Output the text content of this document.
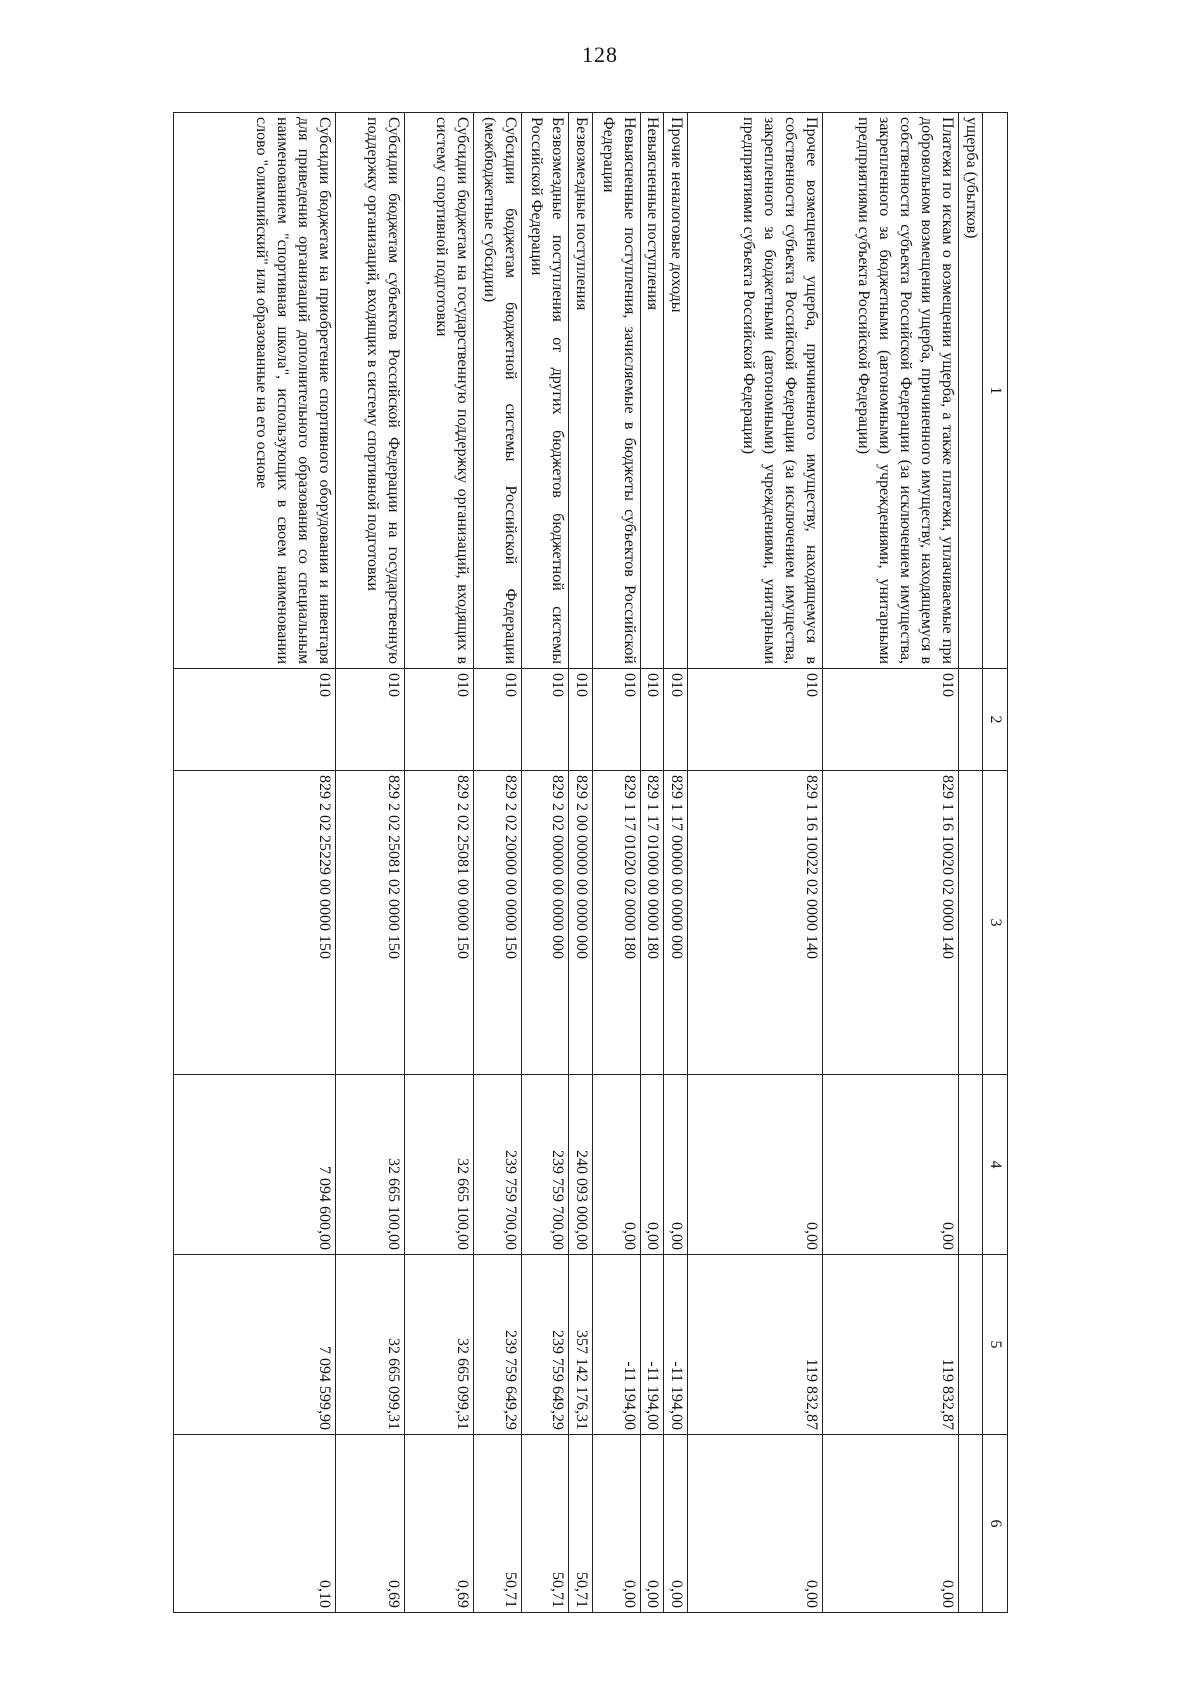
128
1	2	3	4	5	6
ущерба (убытков)					
Платежи по искам о возмещении ущерба, а также платежи, уплачиваемые при добровольном возмещении ущерба, причиненного имуществу, находящемуся в собственности субъекта Российской Федерации (за исключением имущества, закрепленного за бюджетными (автономными) учреждениями, унитарными предприятиями субъекта Российской Федерации)	010	829 1 16 10020 02 0000 140	0,00	119 832,87	0,00
Прочее возмещение ущерба, причиненного имуществу, находящемуся в собственности субъекта Российской Федерации (за исключением имущества, закрепленного за бюджетными (автономными) учреждениями, унитарными предприятиями субъекта Российской Федерации)	010	829 1 16 10022 02 0000 140	0,00	119 832,87	0,00
Прочие неналоговые доходы	010	829 1 17 00000 00 0000 000	0,00	-11 194,00	0,00
Невыясненные поступления	010	829 1 17 01000 00 0000 180	0,00	-11 194,00	0,00
Невыясненные поступления, зачисляемые в бюджеты субъектов Российской Федерации	010	829 1 17 01020 02 0000 180	0,00	-11 194,00	0,00
Безвозмездные поступления	010	829 2 00 00000 00 0000 000	240 093 000,00	357 142 176,31	50,71
Безвозмездные поступления от других бюджетов бюджетной системы Российской Федерации	010	829 2 02 00000 00 0000 000	239 759 700,00	239 759 649,29	50,71
Субсидии бюджетам бюджетной системы Российской Федерации (межбюджетные субсидии)	010	829 2 02 20000 00 0000 150	239 759 700,00	239 759 649,29	50,71
Субсидии бюджетам на государственную поддержку организаций, входящих в систему спортивной подготовки	010	829 2 02 25081 00 0000 150	32 665 100,00	32 665 099,31	0,69
Субсидии бюджетам субъектов Российской Федерации на государственную поддержку организаций, входящих в систему спортивной подготовки	010	829 2 02 25081 02 0000 150	32 665 100,00	32 665 099,31	0,69
Субсидии бюджетам на приобретение спортивного оборудования и инвентаря для приведения организаций дополнительного образования со специальным наименованием "спортивная школа", использующих в своем наименовании слово "олимпийский" или образованные на его основе	010	829 2 02 25229 00 0000 150	7 094 600,00	7 094 599,90	0,10
